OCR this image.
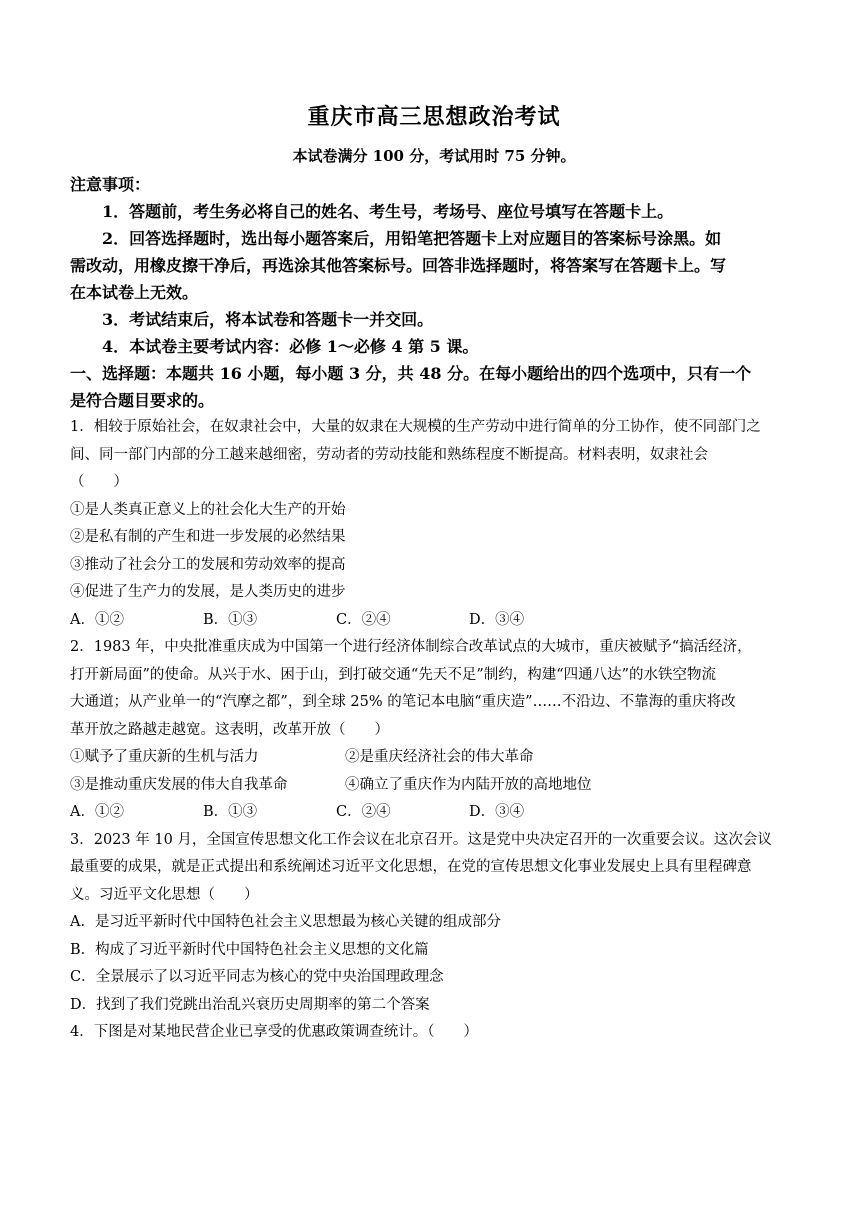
重庆市高三思想政治考试
本试卷满分 100 分，考试用时 75 分钟。
注意事项：
1．答题前，考生务必将自己的姓名、考生号，考场号、座位号填写在答题卡上。
2．回答选择题时，选出每小题答案后，用铅笔把答题卡上对应题目的答案标号涂黑。如
需改动，用橡皮擦干净后，再选涂其他答案标号。回答非选择题时，将答案写在答题卡上。写
在本试卷上无效。
3．考试结束后，将本试卷和答题卡一并交回。
4．本试卷主要考试内容：必修 1～必修 4 第 5 课。
一、选择题：本题共 16 小题，每小题 3 分，共 48 分。在每小题给出的四个选项中，只有一个
是符合题目要求的。
1．相较于原始社会，在奴隶社会中，大量的奴隶在大规模的生产劳动中进行简单的分工协作，使不同部门之
间、同一部门内部的分工越来越细密，劳动者的劳动技能和熟练程度不断提高。材料表明，奴隶社会
（　　）
①是人类真正意义上的社会化大生产的开始
②是私有制的产生和进一步发展的必然结果
③推动了社会分工的发展和劳动效率的提高
④促进了生产力的发展，是人类历史的进步
A．①②	B．①③	C．②④	D．③④
2．1983 年，中央批准重庆成为中国第一个进行经济体制综合改革试点的大城市，重庆被赋予“搞活经济，
打开新局面”的使命。从兴于水、困于山，到打破交通“先天不足”制约，构建“四通八达”的水铁空物流
大通道；从产业单一的“汽摩之都”，到全球 25% 的笔记本电脑“重庆造”……不沿边、不靠海的重庆将改
革开放之路越走越宽。这表明，改革开放（　　）
①赋予了重庆新的生机与活力	②是重庆经济社会的伟大革命
③是推动重庆发展的伟大自我革命	④确立了重庆作为内陆开放的高地地位
A．①②	B．①③	C．②④	D．③④
3．2023 年 10 月，全国宣传思想文化工作会议在北京召开。这是党中央决定召开的一次重要会议。这次会议
最重要的成果，就是正式提出和系统阐述习近平文化思想，在党的宣传思想文化事业发展史上具有里程碑意
义。习近平文化思想（　　）
A．是习近平新时代中国特色社会主义思想最为核心关键的组成部分
B．构成了习近平新时代中国特色社会主义思想的文化篇
C．全景展示了以习近平同志为核心的党中央治国理政理念
D．找到了我们党跳出治乱兴衰历史周期率的第二个答案
4．下图是对某地民营企业已享受的优惠政策调查统计。（　　）
